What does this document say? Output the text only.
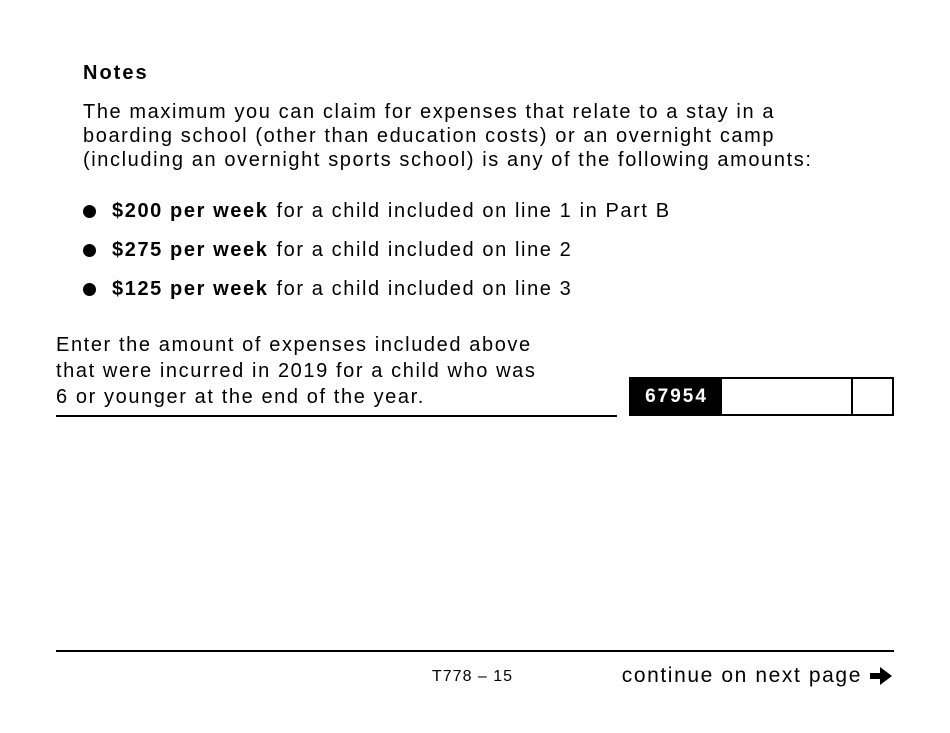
Notes

The maximum you can claim for expenses that relate to a stay in a
boarding school (other than education costs) or an overnight camp
(including an overnight sports school) is any of the following amounts:

$200 per week for a child included on line 1 in Part B
$275 per week for a child included on line 2
$125 per week for a child included on line 3
Enter the amount of expenses included above
that were incurred in 2019 for a child who was
6 or younger at the end of the year.	67954
T778 – 15	continue on next page
